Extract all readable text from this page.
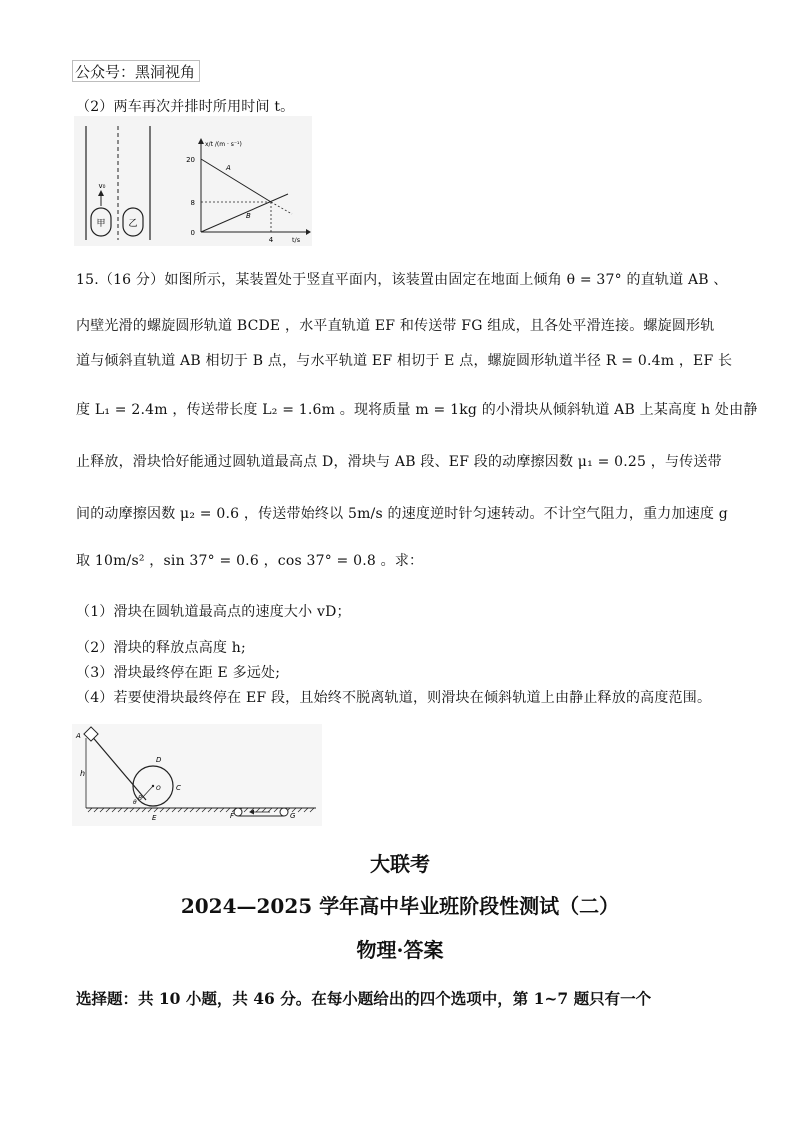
公众号：黑洞视角
（2）两车再次并排时所用时间 t。
甲
v₀
乙
x/t /(m · s⁻¹)
t/s
20
8
0
4
A
B
15.（16 分）如图所示，某装置处于竖直平面内，该装置由固定在地面上倾角 θ = 37° 的直轨道 AB 、
内壁光滑的螺旋圆形轨道 BCDE ，水平直轨道 EF 和传送带 FG 组成，且各处平滑连接。螺旋圆形轨
道与倾斜直轨道 AB 相切于 B 点，与水平轨道 EF 相切于 E 点，螺旋圆形轨道半径 R = 0.4m ，EF 长
度 L₁ = 2.4m ，传送带长度 L₂ = 1.6m 。现将质量 m = 1kg 的小滑块从倾斜轨道 AB 上某高度 h 处由静
止释放，滑块恰好能通过圆轨道最高点 D，滑块与 AB 段、EF 段的动摩擦因数 μ₁ = 0.25 ，与传送带
间的动摩擦因数 μ₂ = 0.6 ，传送带始终以 5m/s 的速度逆时针匀速转动。不计空气阻力，重力加速度 g
取 10m/s² ，sin 37° = 0.6 ，cos 37° = 0.8 。求：
（1）滑块在圆轨道最高点的速度大小 vD；
（2）滑块的释放点高度 h;
（3）滑块最终停在距 E 多远处;
（4）若要使滑块最终停在 EF 段，且始终不脱离轨道，则滑块在倾斜轨道上由静止释放的高度范围。
h
A
θ
B
O
D
C
E	F	G
大联考
2024—2025 学年高中毕业班阶段性测试（二）
物理·答案
选择题：共 10 小题，共 46 分。在每小题给出的四个选项中，第 1~7 题只有一个
